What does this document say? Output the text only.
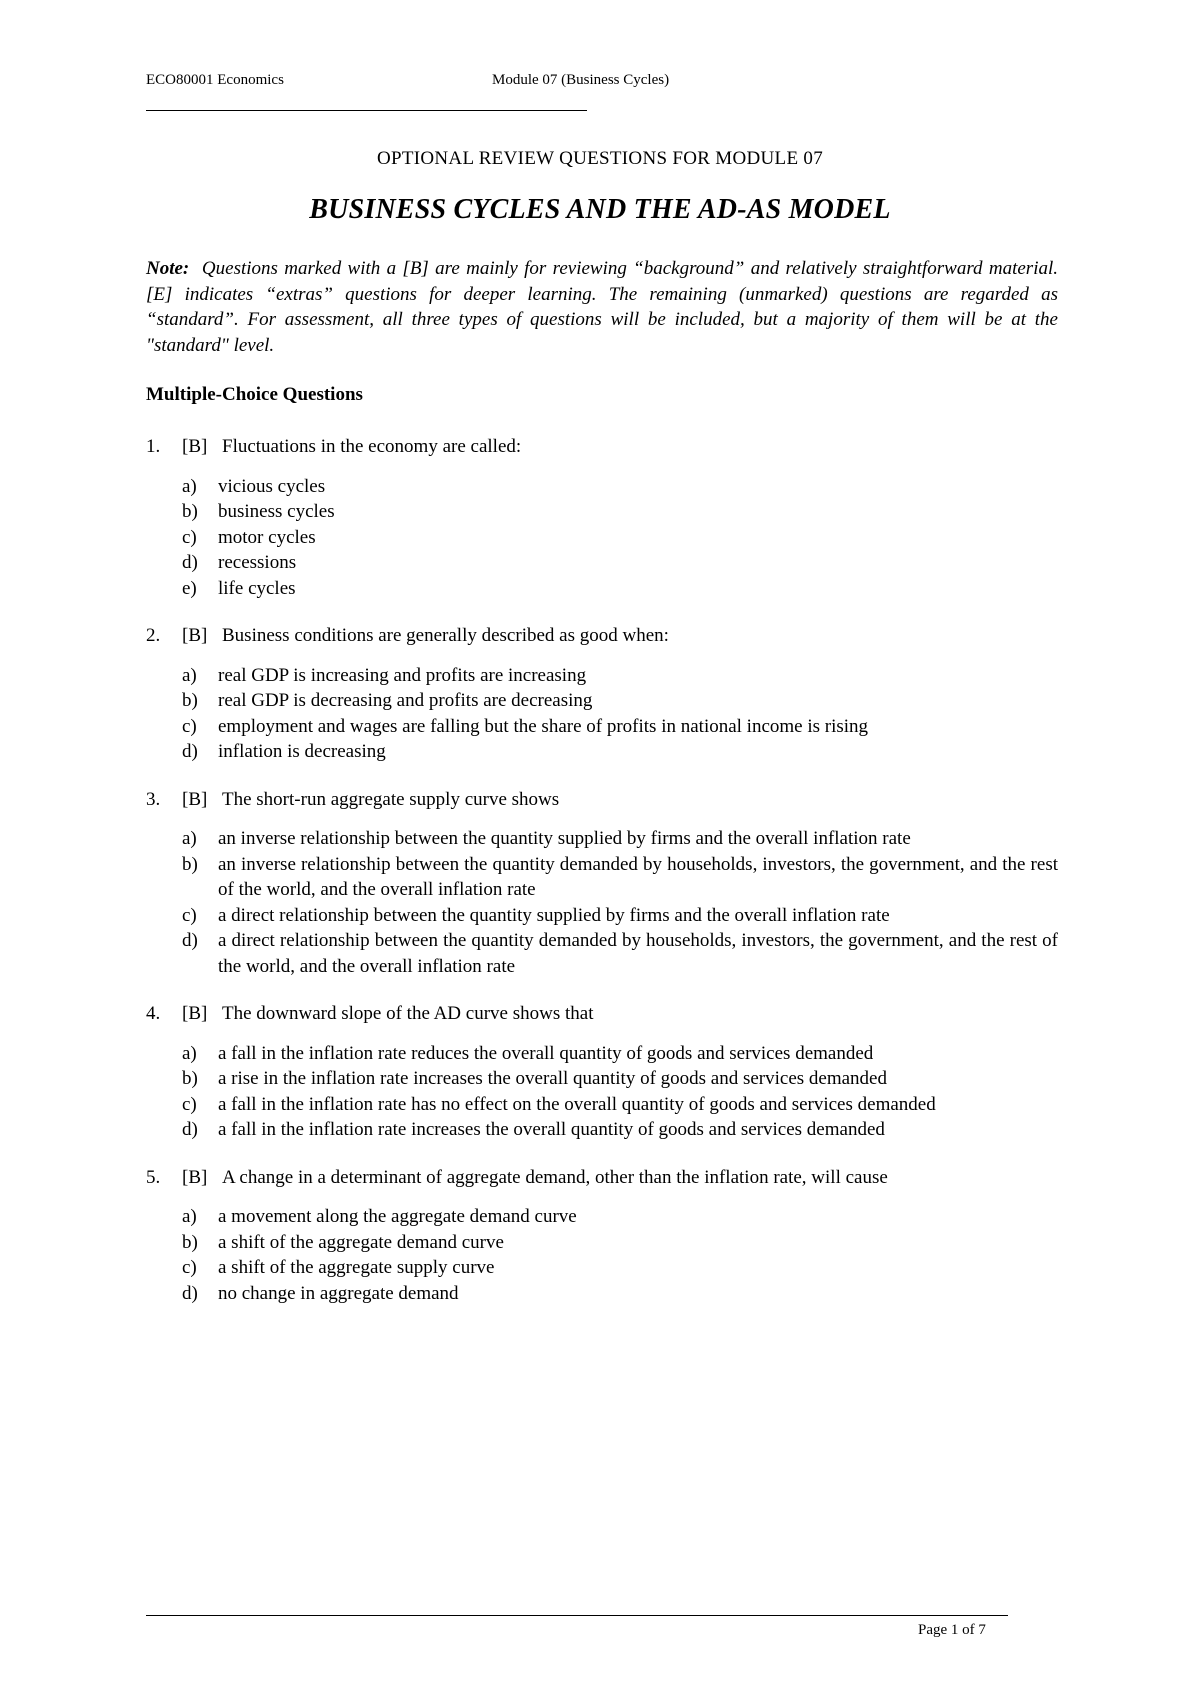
ECO80001 Economics	Module 07 (Business Cycles)
OPTIONAL REVIEW QUESTIONS FOR MODULE 07
BUSINESS CYCLES AND THE AD-AS MODEL
Note: Questions marked with a [B] are mainly for reviewing “background” and relatively straightforward material. [E] indicates “extras” questions for deeper learning. The remaining (unmarked) questions are regarded as “standard”. For assessment, all three types of questions will be included, but a majority of them will be at the "standard" level.
Multiple-Choice Questions
1.	[B] Fluctuations in the economy are called:
a)	vicious cycles
b)	business cycles
c)	motor cycles
d)	recessions
e)	life cycles
2.	[B] Business conditions are generally described as good when:
a)	real GDP is increasing and profits are increasing
b)	real GDP is decreasing and profits are decreasing
c)	employment and wages are falling but the share of profits in national income is rising
d)	inflation is decreasing
3.	[B] The short-run aggregate supply curve shows
a)	an inverse relationship between the quantity supplied by firms and the overall inflation rate
b)	an inverse relationship between the quantity demanded by households, investors, the government, and the rest of the world, and the overall inflation rate
c)	a direct relationship between the quantity supplied by firms and the overall inflation rate
d)	a direct relationship between the quantity demanded by households, investors, the government, and the rest of the world, and the overall inflation rate
4.	[B] The downward slope of the AD curve shows that
a)	a fall in the inflation rate reduces the overall quantity of goods and services demanded
b)	a rise in the inflation rate increases the overall quantity of goods and services demanded
c)	a fall in the inflation rate has no effect on the overall quantity of goods and services demanded
d)	a fall in the inflation rate increases the overall quantity of goods and services demanded
5.	[B] A change in a determinant of aggregate demand, other than the inflation rate, will cause
a)	a movement along the aggregate demand curve
b)	a shift of the aggregate demand curve
c)	a shift of the aggregate supply curve
d)	no change in aggregate demand
Page 1 of 7
